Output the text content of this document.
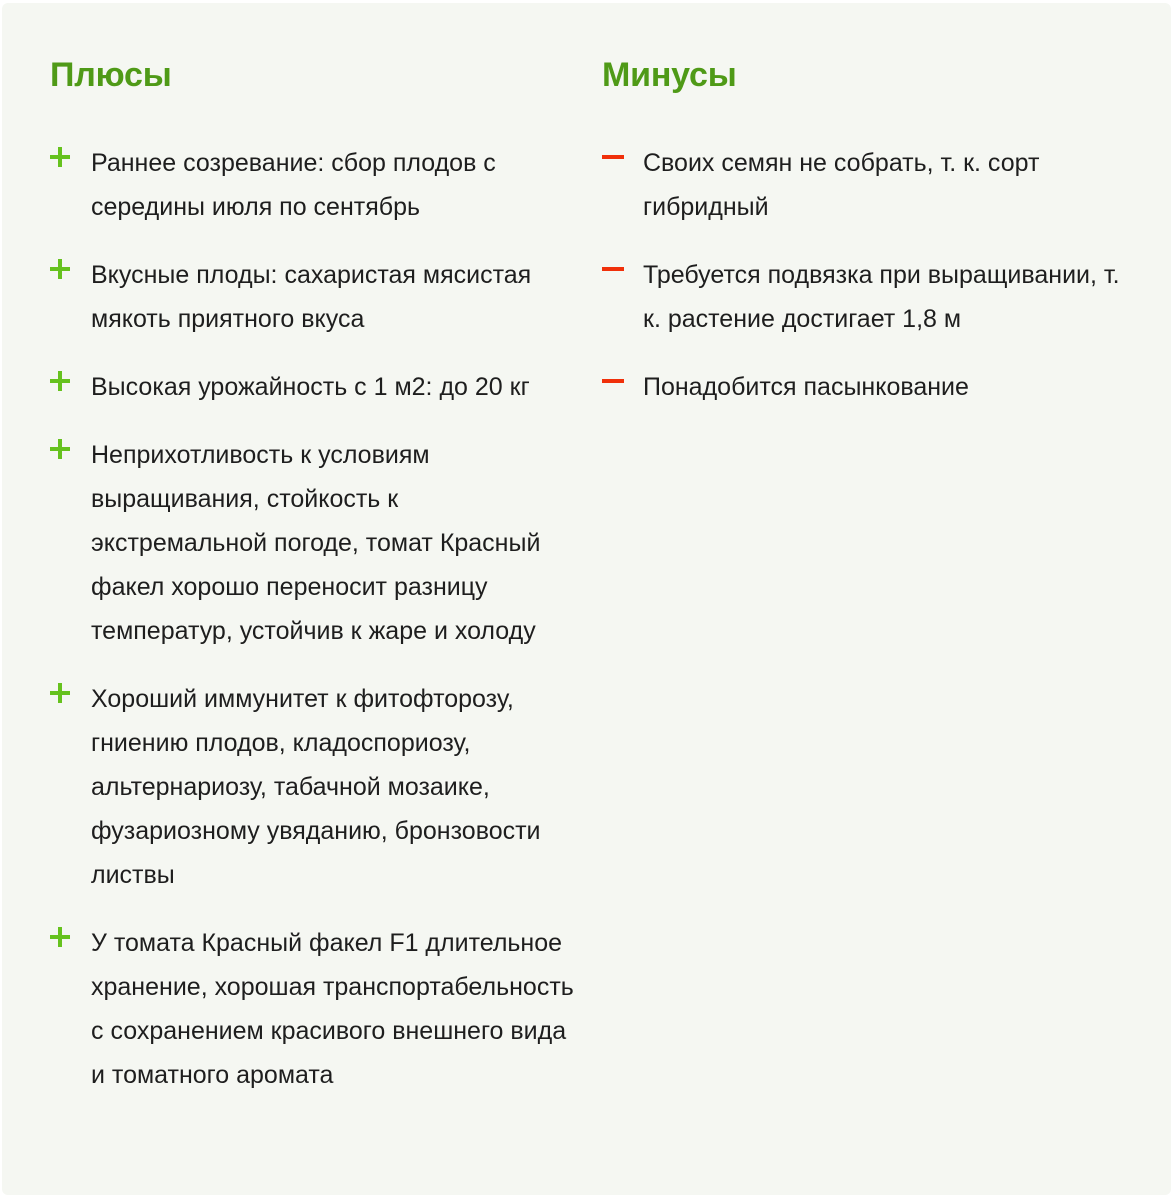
Плюсы
Раннее созревание: сбор плодов с середины июля по сентябрь
Вкусные плоды: сахаристая мясистая мякоть приятного вкуса
Высокая урожайность с 1 м2: до 20 кг
Неприхотливость к условиям выращивания, стойкость к экстремальной погоде, томат Красный факел хорошо переносит разницу температур, устойчив к жаре и холоду
Хороший иммунитет к фитофторозу, гниению плодов, кладоспориозу, альтернариозу, табачной мозаике, фузариозному увяданию, бронзовости листвы
У томата Красный факел F1 длительное хранение, хорошая транспортабельность с сохранением красивого внешнего вида и томатного аромата
Минусы
Своих семян не собрать, т. к. сорт гибридный
Требуется подвязка при выращивании, т. к. растение достигает 1,8 м
Понадобится пасынкование
